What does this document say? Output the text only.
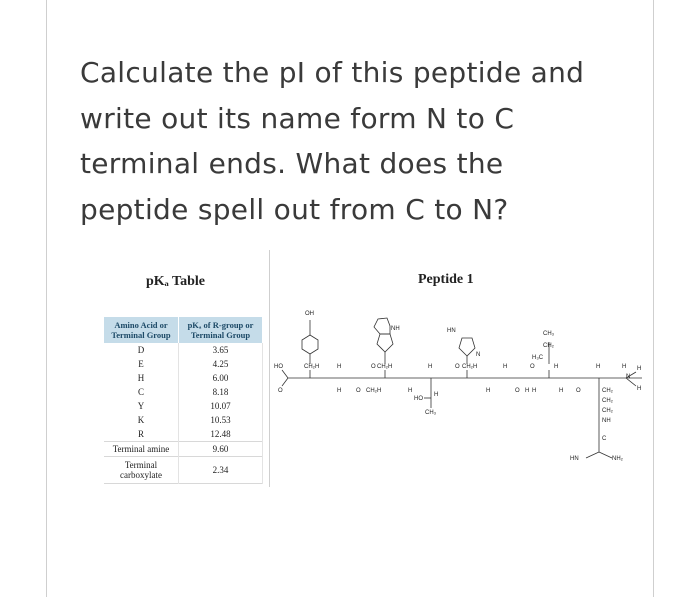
Calculate the pI of this peptide and
write out its name form N to C
terminal ends. What does the
peptide spell out from C to N?
pKₐ Table	Peptide 1
Amino Acid or Terminal Group	pKₐ of R-group or Terminal Group
D	3.65
E	4.25
H	6.00
C	8.18
Y	10.07
K	10.53
R	12.48
Terminal amine	9.60
Terminal carboxylate	2.34
OH
HO
O
CH₂H	H
H O CH₂H
NH
CH₂H
O
H
H
HO
H
CH₃
HN
N
O CH₂H
H
H
O H H
CH₃
CH₂
H₃C
O	H
H
H
O	CH₂
CH₂
CH₂
NH
C
HN	NH₂
H
N
H
H
